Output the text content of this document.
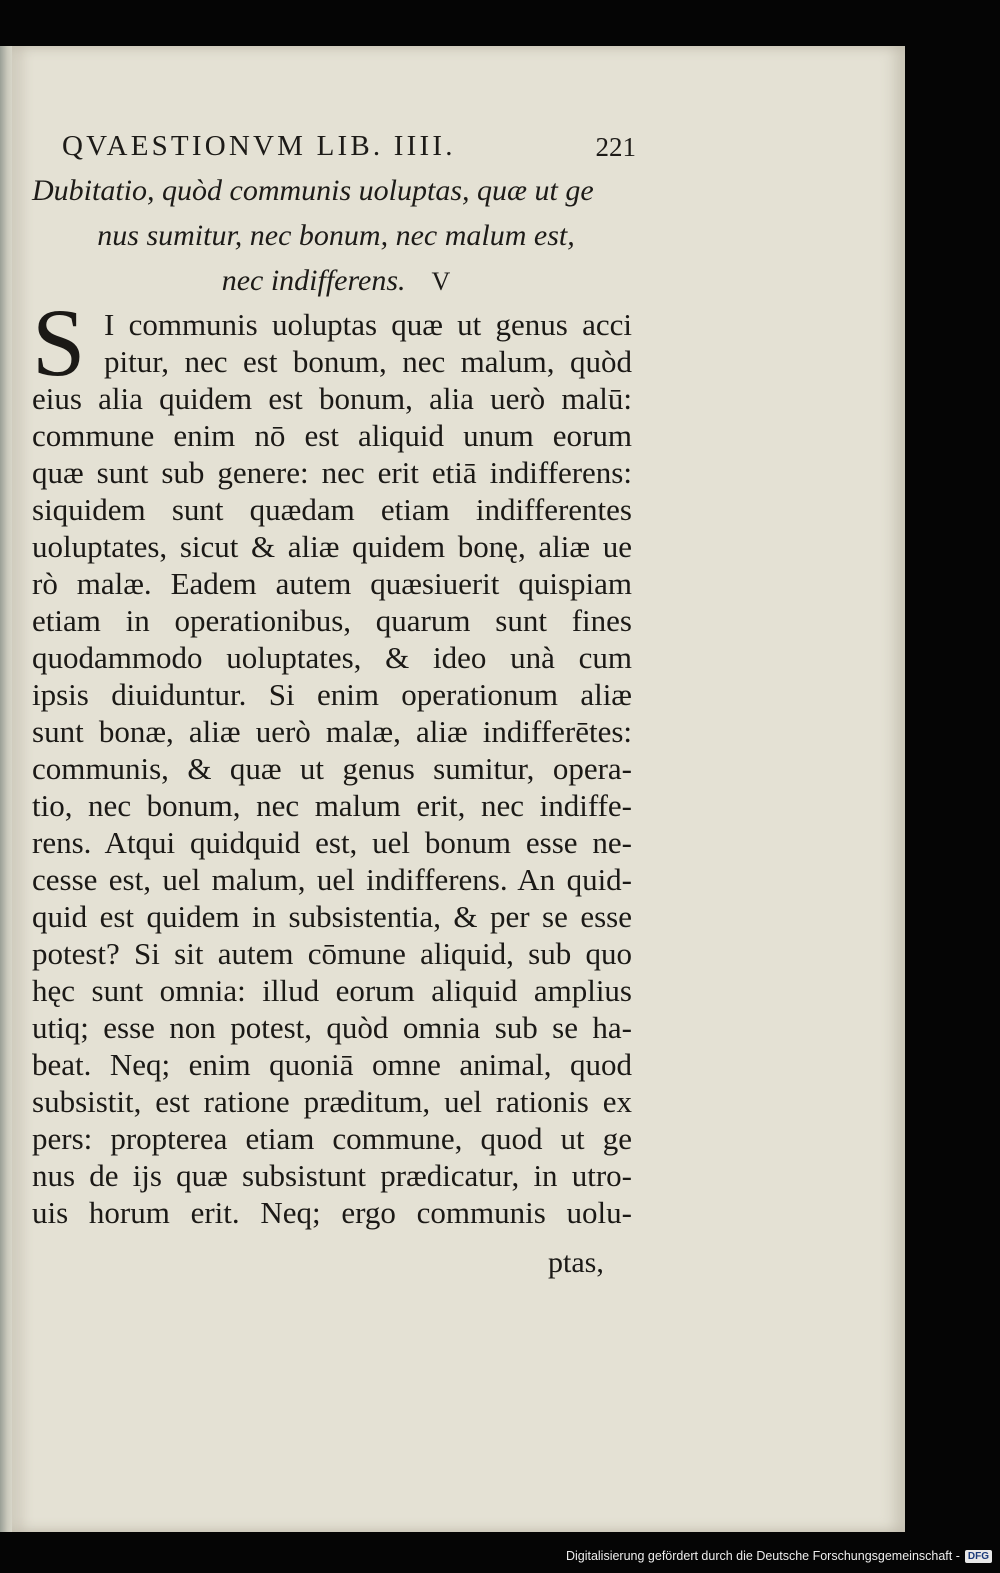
QVAESTIONVM LIB. IIII.	221
Dubitatio, quòd communis uoluptas, quæ ut ge
nus sumitur, nec bonum, nec malum est,
nec indifferens. V
S I communis uoluptas quæ ut genus acci
pitur, nec est bonum, nec malum, quòd
eius alia quidem est bonum, alia uerò malū:
commune enim nō est aliquid unum eorum
quæ sunt sub genere: nec erit etiā indifferens:
siquidem sunt quædam etiam indifferentes
uoluptates, sicut & aliæ quidem bonę, aliæ ue
rò malæ. Eadem autem quæsiuerit quispiam
etiam in operationibus, quarum sunt fines
quodammodo uoluptates, & ideo unà cum
ipsis diuiduntur. Si enim operationum aliæ
sunt bonæ, aliæ uerò malæ, aliæ indifferētes:
communis, & quæ ut genus sumitur, opera-
tio, nec bonum, nec malum erit, nec indiffe-
rens. Atqui quidquid est, uel bonum esse ne-
cesse est, uel malum, uel indifferens. An quid-
quid est quidem in subsistentia, & per se esse
potest? Si sit autem cōmune aliquid, sub quo
hęc sunt omnia: illud eorum aliquid amplius
utiq; esse non potest, quòd omnia sub se ha-
beat. Neq; enim quoniā omne animal, quod
subsistit, est ratione præditum, uel rationis ex
pers: propterea etiam commune, quod ut ge
nus de ijs quæ subsistunt prædicatur, in utro-
uis horum erit. Neq; ergo communis uolu-
ptas,
Digitalisierung gefördert durch die Deutsche Forschungsgemeinschaft - DFG
